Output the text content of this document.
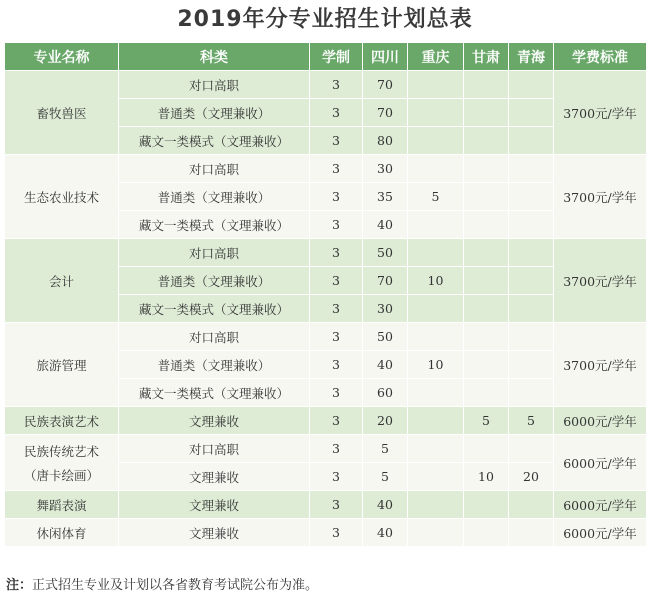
2019年分专业招生计划总表
专业名称	科类	学制	四川	重庆	甘肃	青海	学费标准
畜牧兽医	对口高职	3	70				3700元/学年
	普通类（文理兼收）	3	70				
	藏文一类模式（文理兼收）	3	80				
生态农业技术	对口高职	3	30				3700元/学年
	普通类（文理兼收）	3	35	5			
	藏文一类模式（文理兼收）	3	40				
会计	对口高职	3	50				3700元/学年
	普通类（文理兼收）	3	70	10			
	藏文一类模式（文理兼收）	3	30				
旅游管理	对口高职	3	50				3700元/学年
	普通类（文理兼收）	3	40	10			
	藏文一类模式（文理兼收）	3	60				
民族表演艺术	文理兼收	3	20		5	5	6000元/学年

民族传统艺术
（唐卡绘画）	对口高职	3	5				6000元/学年
	文理兼收	3	5		10	20	
舞蹈表演	文理兼收	3	40				6000元/学年
休闲体育	文理兼收	3	40				6000元/学年
注：正式招生专业及计划以各省教育考试院公布为准。
